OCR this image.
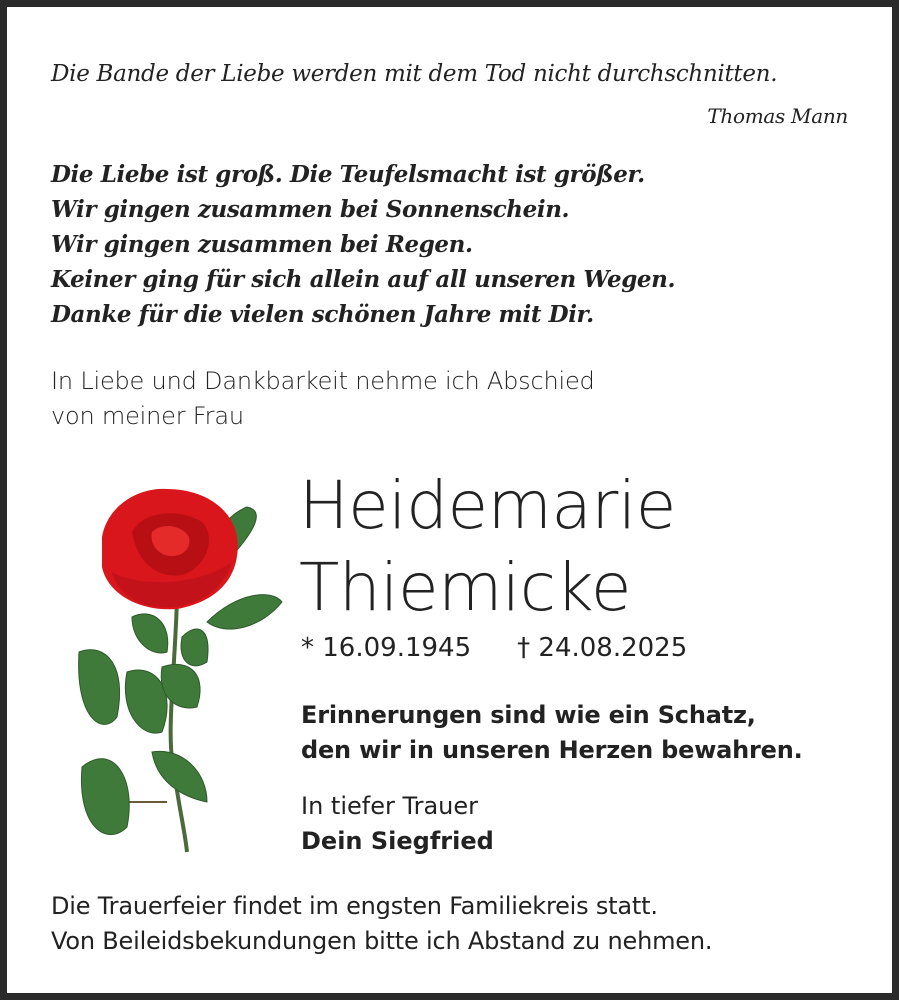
Die Bande der Liebe werden mit dem Tod nicht durchschnitten.

Thomas Mann

Die Liebe ist groß. Die Teufelsmacht ist größer.
Wir gingen zusammen bei Sonnenschein.
Wir gingen zusammen bei Regen.
Keiner ging für sich allein auf all unseren Wegen.
Danke für die vielen schönen Jahre mit Dir.
In Liebe und Dankbarkeit nehme ich Abschied
von meiner Frau
Heidemarie
Thiemicke
* 16.09.1945 † 24.08.2025
Erinnerungen sind wie ein Schatz,
den wir in unseren Herzen bewahren.
In tiefer Trauer
Dein Siegfried
Die Trauerfeier findet im engsten Familiekreis statt.
Von Beileidsbekundungen bitte ich Abstand zu nehmen.
